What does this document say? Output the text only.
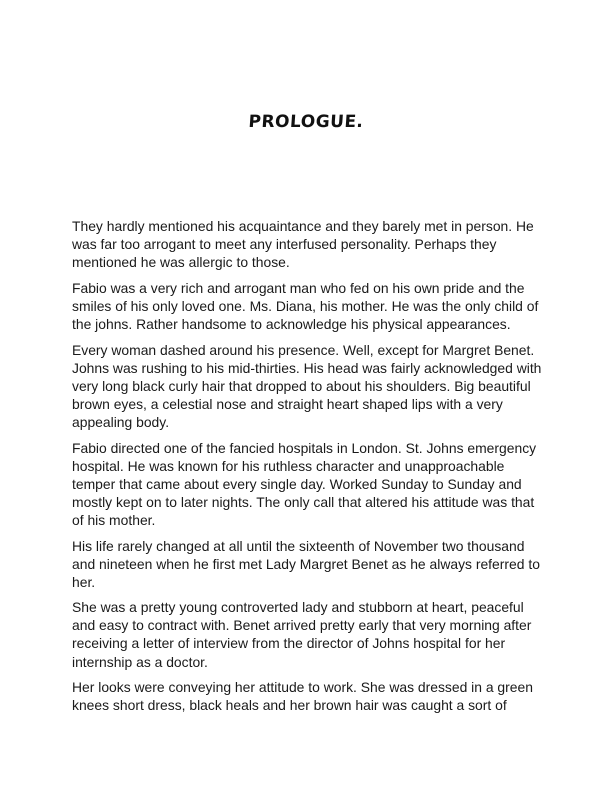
PROLOGUE.

They hardly mentioned his acquaintance and they barely met in person. He was far too arrogant to meet any interfused personality. Perhaps they mentioned he was allergic to those.

Fabio was a very rich and arrogant man who fed on his own pride and the smiles of his only loved one. Ms. Diana, his mother. He was the only child of the johns. Rather handsome to acknowledge his physical appearances.

Every woman dashed around his presence. Well, except for Margret Benet. Johns was rushing to his mid-thirties. His head was fairly acknowledged with very long black curly hair that dropped to about his shoulders. Big beautiful brown eyes, a celestial nose and straight heart shaped lips with a very appealing body.

Fabio directed one of the fancied hospitals in London. St. Johns emergency hospital. He was known for his ruthless character and unapproachable temper that came about every single day. Worked Sunday to Sunday and mostly kept on to later nights. The only call that altered his attitude was that of his mother.

His life rarely changed at all until the sixteenth of November two thousand and nineteen when he first met Lady Margret Benet as he always referred to her.

She was a pretty young controverted lady and stubborn at heart, peaceful and easy to contract with. Benet arrived pretty early that very morning after receiving a letter of interview from the director of Johns hospital for her internship as a doctor.

Her looks were conveying her attitude to work. She was dressed in a green knees short dress, black heals and her brown hair was caught a sort of
